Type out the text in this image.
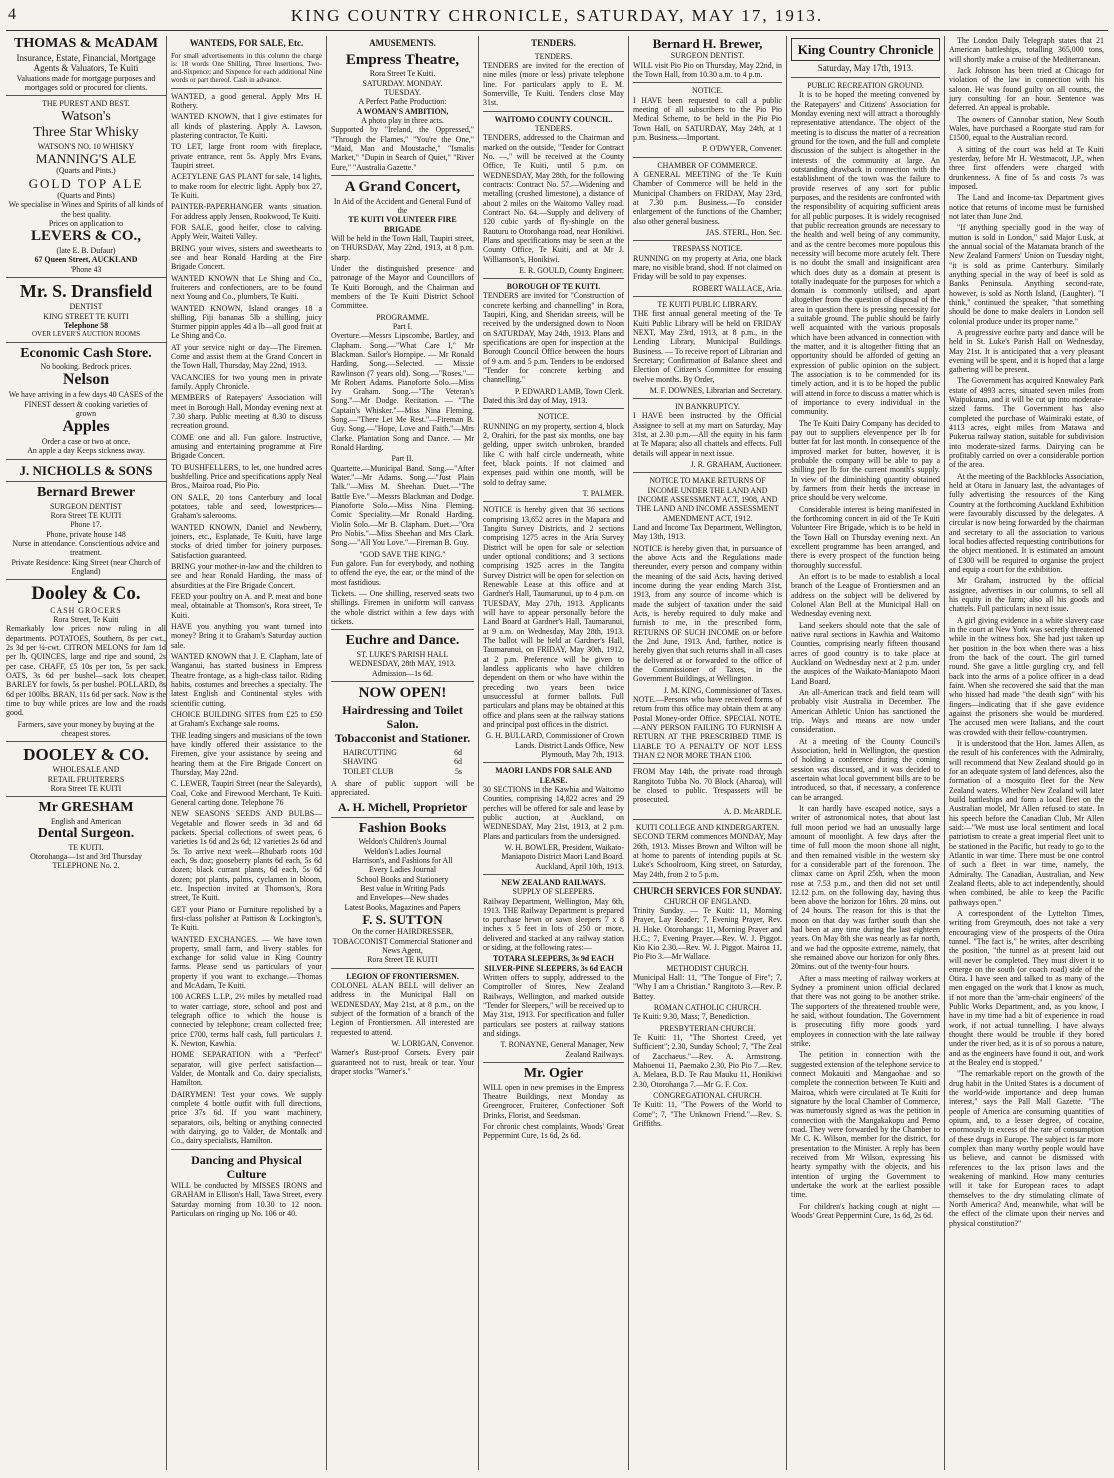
4	KING COUNTRY CHRONICLE, SATURDAY, MAY 17, 1913.
THOMAS & McADAM
Insurance, Estate, Financial, Mortgage Agents & Valuators, Te Kuiti
Valuations made for mortgage purposes and mortgages sold or procured for clients.
THE PUREST AND BEST.
Watson's
Three Star Whisky
WATSON'S NO. 10 WHISKY
MANNING'S ALE
(Quarts and Pints.)
GOLD TOP ALE
(Quarts and Pints)
We specialise in Wines and Spirits of all kinds of the best quality.
Prices on application to
LEVERS & CO.,
(late E. B. Dufaur)
67 Queen Street, AUCKLAND
'Phone 43
Mr. S. Dransfield
DENTIST
KING STREET TE KUITI
Telephone 58
OVER LEVER'S AUCTION ROOMS
Economic Cash Store.
No booking. Bedrock prices.
Nelson
We have arriving in a few days 40 CASES of the FINEST dessert & cooking varieties of
grown
Apples
Order a case or two at once.
An apple a day Keeps sickness away.
J. NICHOLLS & SONS
Bernard Brewer
SURGEON DENTIST
Rora Street TE KUITI
Phone 17.
Phone, private house 148
Nurse in attendance. Conscientious advice and treatment.
Private Residence: King Street (near Church of England)
Dooley & Co.
CASH GROCERS
Rora Street, Te Kuiti
Remarkably low prices now ruling in all departments. POTATOES, Southern, 8s per cwt., 2s 3d per ¼-cwt. CITRON MELONS for Jam 1d per lb. QUINCES, large and ripe and sound, 2s per case. CHAFF, £5 10s per ton, 5s per sack. OATS, 3s 6d per bushel—sack lots cheaper. BARLEY for fowls, 5s per bushel. POLLARD, 8s 6d per 100lbs. BRAN, 11s 6d per sack. Now is the time to buy while prices are low and the roads good.
Farmers, save your money by buying at the cheapest stores.
DOOLEY & CO.
WHOLESALE AND
RETAIL FRUITERERS
Rora Street TE KUITI
Mr GRESHAM
English and American
Dental Surgeon.
TE KUITI.
Otorohanga—1st and 3rd Thursday
TELEPHONE No. 2.
WANTEDS, FOR SALE, Etc.
For small advertisements in this column the charge is: 18 words One Shilling, Three Insertions, Two-and-Sixpence; and Sixpence for each additional Nine words or part thereof. Cash in advance.
WANTED, a good general. Apply Mrs H. Rothery.
WANTED KNOWN, that I give estimates for all kinds of plastering. Apply A. Lawson, plastering contractor, Te Kuiti.
TO LET, large front room with fireplace, private entrance, rent 5s. Apply Mrs Evans, Taupiri street.
ACETYLENE GAS PLANT for sale, 14 lights, to make room for electric light. Apply box 27, Te Kuiti.
PAINTER-PAPERHANGER wants situation. For address apply Jensen, Rookwood, Te Kuiti.
FOR SALE, good heifer, close to calving. Apply Weir, Waitetì Valley.
BRING your wives, sisters and sweethearts to see and hear Ronald Harding at the Fire Brigade Concert.
WANTED KNOWN that Le Shing and Co., fruiterers and confectioners, are to be found next Young and Co., plumbers, Te Kuiti.
WANTED KNOWN, Island oranges 18 a shilling, Fiji bananas 5lb a shilling, juicy Sturmer pippin apples 4d a lb—all good fruit at Le Shing and Co.
AT your service night or day—The Firemen. Come and assist them at the Grand Concert in the Town Hall, Thursday, May 22nd, 1913.
VACANCIES for two young men in private family. Apply Chronicle.
MEMBERS of Ratepayers' Association will meet in Borough Hall, Monday evening next at 7.30 sharp. Public meeting at 8.30 to discuss recreation ground.
COME one and all. Fun galore. Instructive, amusing and entertaining programme at Fire Brigade Concert.
TO BUSHFELLERS, to let, one hundred acres bushfelling. Price and specifications apply Neal Bros., Mairoa road, Pio Pio.
ON SALE, 20 tons Canterbury and local potatoes, table and seed, lowestprices—Graham's salerooms.
WANTED KNOWN, Daniel and Newberry, joiners, etc., Esplanade, Te Kuiti, have large stocks of dried timber for joinery purposes. Satisfaction guaranteed.
BRING your mother-in-law and the children to see and hear Ronald Harding, the mass of absurdities at the Fire Brigade Concert.
FEED your poultry on A. and P. meat and bone meal, obtainable at Thomson's, Rora street, Te Kuiti.
HAVE you anything you want turned into money? Bring it to Graham's Saturday auction sale.
WANTED KNOWN that J. E. Clapham, late of Wanganui, has started business in Empress Theatre frontage, as a high-class tailor. Riding habits, costumes and breeches a specialty. The latest English and Continental styles with scientific cutting.
CHOICE BUILDING SITES from £25 to £50 at Graham's Exchange sale rooms.
THE leading singers and musicians of the town have kindly offered their assistance to the Firemen, give your assistance by seeing and hearing them at the Fire Brigade Concert on Thursday, May 22nd.
C. LEWER, Taupiri Street (near the Saleyards), Coal, Coke and Firewood Merchant, Te Kuiti. General carting done. Telephone 76
NEW SEASONS SEEDS AND BULBS—Vegetable and flower seeds in 3d and 6d packets. Special collections of sweet peas, 6 varieties 1s 6d and 2s 6d; 12 varieties 2s 6d and 5s. To arrive next week—Rhubarb roots 10d each, 9s doz; gooseberry plants 6d each, 5s 6d dozen; black currant plants, 6d each, 5s 6d dozen; pot plants, palms, cyclamen in bloom, etc. Inspection invited at Thomson's, Rora street, Te Kuiti.
GET your Piano or Furniture repolished by a first-class polisher at Pattison & Lockington's, Te Kuiti.
WANTED EXCHANGES. — We have town property, small farm, and livery stables for exchange for solid value in King Country farms. Please send us particulars of your property if you want to exchange.—Thomas and McAdam, Te Kuiti.
100 ACRES L.LP., 2½ miles by metalled road to water carriage, store, school and post and telegraph office to which the house is connected by telephone; cream collected free; price £700, terms half cash, full particulars J. K. Newton, Kawhia.
HOME SEPARATION with a "Perfect" separator, will give perfect satisfaction—Valder, de Montalk and Co. dairy specialists, Hamilton.
DAIRYMEN! Test your cows. We supply complete 4 bottle outfit with full directions, price 37s 6d. If you want machinery, separators, oils, belting or anything connected with dairying, go to Valder, de Montalk and Co., dairy specialists, Hamilton.
Dancing and Physical Culture
WILL be conducted by MISSES IRONS and GRAHAM in Ellison's Hall, Tawa Street, every Saturday morning from 10.30 to 12 noon. Particulars on ringing up No. 106 or 40.
AMUSEMENTS.
Empress Theatre,
Rora Street Te Kuiti.
SATURDAY. MONDAY.
TUESDAY.
A Perfect Pathe Production:
A WOMAN'S AMBITION,
A photo play in three acts.
Supported by "Ireland, the Oppressed," "Through the Flames," "You're the One," "Maid, Man and Moustache," "Ismalis Market," "Dupin in Search of Quiet," "River Eure," "Australia Gazette."
A Grand Concert,
In Aid of the Accident and General Fund of the
TE KUITI VOLUNTEER FIRE BRIGADE
Will be held in the Town Hall, Taupiri street, on THURSDAY, May 22nd, 1913, at 8 p.m. sharp.
Under the distinguished presence and patronage of the Mayor and Councillors of Te Kuiti Borough, and the Chairman and members of the Te Kuiti District School Committee.
PROGRAMME.
Part I.
Overture.—Messrs Lipscombe, Bartley, and Clapham. Song.—"What Care I," Mr Blackman. Sailor's Hornpipe. — Mr Ronald Harding. Song.—Selected. — Missie Rawlinson (7 years old). Song.—"Roses."—Mr Robert Adams. Pianoforte Solo.—Miss Ivy Graham. Song.—"The Veteran's Song."—Mr Dodge. Recitation. — "The Captain's Whisker."—Miss Nina Fleming. Song.—"There Let Me Rest."—Fireman B. Guy. Song.—"Hope, Love and Faith."—Mrs Clarke. Plantation Song and Dance. — Mr Ronald Harding.
Part II.
Quartette.—Municipal Band. Song.—"After Water."—Mr Adams. Song.—"Just Plain Talk."—Miss M. Sheehan. Duet.—"The Battle Eve."—Messrs Blackman and Dodge. Pianoforte Solo.—Miss Nina Fleming. Comic Speciality.—Mr Ronald Harding. Violin Solo.—Mr B. Clapham. Duet.—"Ora Pro Nobis."—Miss Sheehan and Mrs Clark. Song.—"All You Love."—Fireman B. Guy.
"GOD SAVE THE KING."
Fun galore. Fun for everybody, and nothing to offend the eye, the ear, or the mind of the most fastidious.
Tickets. — One shilling, reserved seats two shillings. Firemen in uniform will canvass the whole district within a few days with tickets.
Euchre and Dance.
ST. LUKE'S PARISH HALL
WEDNESDAY, 28th MAY, 1913.
Admission—1s 6d.
NOW OPEN!
Hairdressing and Toilet Salon.
Tobacconist and Stationer.
HAIRCUTTING	6d
SHAVING	6d
TOILET CLUB	5s
A share of public support will be appreciated.
A. H. Michell, Proprietor
Fashion Books
Weldon's Children's Journal
Weldon's Ladies Journal
Harrison's, and Fashions for All
Every Ladies Journal
School Books and Stationery
Best value in Writing Pads
and Envelopes—New shades
Latest Books, Magazines and Papers
F. S. SUTTON
On the corner HAIRDRESSER, TOBACCONIST Commercial Stationer and News Agent,
Rora Street TE KUITI
LEGION OF FRONTIERSMEN.
COLONEL ALAN BELL will deliver an address in the Municipal Hall on WEDNESDAY, May 21st, at 8 p.m., on the subject of the formation of a branch of the Legion of Frontiersmen. All interested are requested to attend.
W. LORIGAN, Convenor.
Warner's Rust-proof Corsets. Every pair guaranteed not to rust, break or tear. Your draper stocks "Warner's."
TENDERS.
TENDERS.
TENDERS are invited for the erection of nine miles (more or less) private telephone line. For particulars apply to E. M. Somerville, Te Kuiti. Tenders close May 31st.
WAITOMO COUNTY COUNCIL.
TENDERS.
TENDERS, addressed to the Chairman and marked on the outside, "Tender for Contract No. —," will be received at the County Office, Te Kuiti, until 5 p.m. on WEDNESDAY, May 28th, for the following contracts: Contract No. 57.—Widening and metalling (crushed limestone), a distance of about 2 miles on the Waitomo Valley road. Contract No. 64.—Supply and delivery of 120 cubic yards of fly-shingle on the Rauturu to Otorohanga road, near Honikiwi. Plans and specifications may be seen at the County Office, Te Kuiti, and at Mr J. Williamson's, Honikiwi.
E. R. GOULD, County Engineer.
BOROUGH OF TE KUITI.
TENDERS are invited for "Construction of concrete kerbing and channelling" in Rora, Taupiri, King, and Sheridan streets, will be received by the undersigned down to Noon on SATURDAY, May 24th, 1913. Plans and specifications are open for inspection at the Borough Council Office between the hours of 9 a.m. and 5 p.m. Tenders to be endorsed "Tender for concrete kerbing and channelling."
P. EDWARD LAMB, Town Clerk.
Dated this 3rd day of May, 1913.
NOTICE.
RUNNING on my property, section 4, block 2, Orahiri, for the past six months, one bay gelding, upper switch unbroken, branded like C with half circle underneath, white feet, black points. If not claimed and expenses paid within one month, will be sold to defray same.
T. PALMER.
NOTICE is hereby given that 36 sections comprising 13,652 acres in the Mapara and Tangitu Survey Districts, and 2 sections comprising 1275 acres in the Aria Survey District will be open for sale or selection under optional conditions; and 3 sections comprising 1925 acres in the Tangitu Survey District will be open for selection on Renewable Lease at this office and at Gardner's Hall, Taumarunui, up to 4 p.m. on TUESDAY, May 27th, 1913. Applicants will have to appear personally before the Land Board at Gardner's Hall, Taumarunui, at 9 a.m. on Wednesday, May 28th, 1913. The ballot will be held at Gardner's Hall, Taumarunui, on FRIDAY, May 30th, 1912, at 2 p.m. Preference will be given to landless applicants who have children dependent on them or who have within the preceding two years been twice unsuccessful at former ballots. Full particulars and plans may be obtained at this office and plans seen at the railway stations and principal post offices in the district.
G. H. BULLARD, Commissioner of Crown Lands. District Lands Office, New Plymouth, May 7th, 1913.
MAORI LANDS FOR SALE AND LEASE.
30 SECTIONS in the Kawhia and Waitomo Counties, comprising 14,822 acres and 29 perches will be offered for sale and lease by public auction, at Auckland, on WEDNESDAY, May 21st, 1913, at 2 p.m. Plans and particulars from the undersigned.
W. H. BOWLER, President, Waikato-Maniapoto District Maori Land Board. Auckland, April 10th, 1913.
NEW ZEALAND RAILWAYS.
SUPPLY OF SLEEPERS.
Railway Department, Wellington, May 6th, 1913. THE Railway Department is prepared to purchase hewn or sawn sleepers 7 x 8 inches x 5 feet in lots of 250 or more, delivered and stacked at any railway station or siding, at the following rates:—
TOTARA SLEEPERS, 3s 9d EACH SILVER-PINE SLEEPERS, 3s 6d EACH
Written offers to supply, addressed to the Comptroller of Stores, New Zealand Railways, Wellington, and marked outside "Tender for Sleepers," will be received up to May 31st, 1913. For specification and fuller particulars see posters at railway stations and sidings.
T. RONAYNE, General Manager, New Zealand Railways.
Mr. Ogier
WILL open in new premises in the Empress Theatre Buildings, next Monday as Greengrocer, Fruiterer, Confectioner Soft Drinks, Florist, and Seedsman.
For chronic chest complaints, Woods' Great Peppermint Cure, 1s 6d, 2s 6d.
Bernard H. Brewer,
SURGEON DENTIST.
WILL visit Pio Pio on Thursday, May 22nd, in the Town Hall, from 10.30 a.m. to 4 p.m.
NOTICE.
I HAVE been requested to call a public meeting of all subscribers to the Pio Pio Medical Scheme, to be held in the Pio Pio Town Hall, on SATURDAY, May 24th, at 1 p.m. Business.—Important.
P. O'DWYER, Convener.
CHAMBER OF COMMERCE.
A GENERAL MEETING of the Te Kuiti Chamber of Commerce will be held in the Municipal Chambers on FRIDAY, May 23rd, at 7.30 p.m. Business.—To consider enlargement of the functions of the Chamber; also other general business.
JAS. STERL, Hon. Sec.
TRESPASS NOTICE.
RUNNING on my property at Aria, one black mare, no visible brand, shod. If not claimed on Friday will be sold to pay expenses.
ROBERT WALLACE, Aria.
TE KUITI PUBLIC LIBRARY.
THE first annual general meeting of the Te Kuiti Public Library will be held on FRIDAY NEXT, May 23rd, 1913, at 8 p.m., in the Lending Library, Municipal Buildings. Business. — To receive report of Librarian and Secretary; Confirmation of Balance sheet and Election of Citizen's Committee for ensuing twelve months. By Order,
M. F. DOWNES, Librarian and Secretary.
IN BANKRUPTCY.
I HAVE been instructed by the Official Assignee to sell at my mart on Saturday, May 31st, at 2.30 p.m.—All the equity in his farm at Te Mapara; also all chattels and effects. Full details will appear in next issue.
J. R. GRAHAM, Auctioneer.
NOTICE TO MAKE RETURNS OF INCOME UNDER THE LAND AND INCOME ASSESSMENT ACT, 1908, AND THE LAND AND INCOME ASSESSMENT AMENDMENT ACT, 1912.
Land and Income Tax Department, Wellington, May 13th, 1913.
NOTICE is hereby given that, in pursuance of the above Acts and the Regulations made thereunder, every person and company within the meaning of the said Acts, having derived income during the year ending March 31st, 1913, from any source of income which is made the subject of taxation under the said Acts, is hereby required to duly make and furnish to me, in the prescribed form, RETURNS OF SUCH INCOME on or before the 2nd June, 1913. And, further, notice is hereby given that such returns shall in all cases be delivered at or forwarded to the office of the Commissioner of Taxes, in the Government Buildings, at Wellington.
J. M. KING, Commissioner of Taxes.
NOTE.—Persons who have received forms of return from this office may obtain them at any Postal Money-order Office. SPECIAL NOTE.—ANY PERSON FAILING TO FURNISH A RETURN AT THE PRESCRIBED TIME IS LIABLE TO A PENALTY OF NOT LESS THAN £2 NOR MORE THAN £100.
FROM May 14th, the private road through Rangitoto Tubba No. 70 Block (Aharoa), will be closed to public. Trespassers will be prosecuted.
A. D. McARDLE.
KUITI COLLEGE AND KINDERGARTEN.
SECOND TERM commences MONDAY, May 26th, 1913. Misses Brown and Wilton will be at home to parents of intending pupils at St. Luke's Schoolroom, King street, on Saturday, May 24th, from 2 to 5 p.m.
CHURCH SERVICES FOR SUNDAY.
CHURCH OF ENGLAND.
Trinity Sunday. — Te Kuiti: 11, Morning Prayer, Lay Reader; 7, Evening Prayer, Rev. H. Hoke. Otorohanga: 11, Morning Prayer and H.C.; 7, Evening Prayer.—Rev. W. J. Piggot. Kio Kio 2.30.—Rev. W. J. Piggot. Mairoa 11, Pio Pio 3.—Mr Wallace.
METHODIST CHURCH.
Municipal Hall: 11, "The Tongue of Fire"; 7, "Why I am a Christian." Rangitoto 3.—Rev. P. Battey.
ROMAN CATHOLIC CHURCH.
Te Kuiti: 9.30, Mass; 7, Benediction.
PRESBYTERIAN CHURCH.
Te Kuiti: 11, "The Shortest Creed, yet Sufficient"; 2.30, Sunday School; 7, "The Zeal of Zacchaeus."—Rev. A. Armstrong. Mahoenui 11, Paemako 2.30, Pio Pio 7.—Rev. A. Melaea, B.D. Te Rau Mauku 11, Honikiwi 2.30, Otorohanga 7.—Mr G. F. Cox.
CONGREGATIONAL CHURCH.
Te Kuiti: 11, "The Powers of the World to Come"; 7, "The Unknown Friend."—Rev. S. Griffiths.
King Country Chronicle
Saturday, May 17th, 1913.
PUBLIC RECREATION GROUND.
It is to be hoped the meeting convened by the Ratepayers' and Citizens' Association for Monday evening next will attract a thoroughly representative attendance. The object of the meeting is to discuss the matter of a recreation ground for the town, and the full and complete discussion of the subject is altogether in the interests of the community at large. An outstanding drawback in connection with the establishment of the town was the failure to provide reserves of any sort for public purposes, and the residents are confronted with the responsibility of acquiring sufficient areas for all public purposes. It is widely recognised that public recreation grounds are necessary to the health and well being of any community, and as the centre becomes more populous this necessity will become more acutely felt. There is no doubt the small and insignificant area which does duty as a domain at present is totally inadequate for the purposes for which a domain is commonly utilised, and apart altogether from the question of disposal of the area in question there is pressing necessity for a suitable ground. The public should be fairly well acquainted with the various proposals which have been advanced in connection with the matter, and it is altogether fitting that an opportunity should be afforded of getting an expression of public opinion on the subject. The association is to be commended for its timely action, and it is to be hoped the public will attend in force to discuss a matter which is of importance to every individual in the community.
The Te Kuiti Dairy Company has decided to pay out to suppliers elevenpence per lb for butter fat for last month. In consequence of the improved market for butter, however, it is probable the company will be able to pay a shilling per lb for the current month's supply. In view of the diminishing quantity obtained by farmers from their herds the increase in price should be very welcome.
Considerable interest is being manifested in the forthcoming concert in aid of the Te Kuiti Volunteer Fire Brigade, which is to be held in the Town Hall on Thursday evening next. An excellent programme has been arranged, and there is every prospect of the function being thoroughly successful.
An effort is to be made to establish a local branch of the League of Frontiersmen and an address on the subject will be delivered by Colonel Alan Bell at the Municipal Hall on Wednesday evening next.
Land seekers should note that the sale of native rural sections in Kawhia and Waitomo Counties, comprising nearly fifteen thousand acres of good country is to take place at Auckland on Wednesday next at 2 p.m. under the auspices of the Waikato-Maniapoto Maori Land Board.
An all-American track and field team will probably visit Australia in December. The American Athletic Union has sanctioned the trip. Ways and means are now under consideration.
At a meeting of the County Council's Association, held in Wellington, the question of holding a conference during the coming session was discussed, and it was decided to ascertain what local government bills are to be introduced, so that, if necessary, a conference can be arranged.
It can hardly have escaped notice, says a writer of astronomical notes, that about last full moon period we had an unusually large amount of moonlight. A few days after the time of full moon the moon shone all night, and then remained visible in the western sky for a considerable part of the forenoon. The climax came on April 25th, when the moon rose at 7.53 p.m., and then did not set until 12.12 p.m. on the following day, having thus been above the horizon for 16hrs. 20 mins. out of 24 hours. The reason for this is that the moon on that day was farther south than she had been at any time during the last eighteen years. On May 8th she was nearly as far north, and we had the opposite extreme, namely, that she remained above our horizon for only 8hrs. 20mins. out of the twenty-four hours.
After a mass meeting of railway workers at Sydney a prominent union official declared that there was not going to be another strike. The supporters of the threatened trouble were, he said, without foundation. The Government is prosecuting fifty more goods yard employees in connection with the late railway strike.
The petition in connection with the suggested extension of the telephone service to connect Mokauiti and Mangaohae and so complete the connection between Te Kuiti and Mairoa, which were circulated at Te Kuiti for signature by the local Chamber of Commerce, was numerously signed as was the petition in connection with the Mangakakopu and Pemo road. They were forwarded by the Chamber to Mr C. K. Wilson, member for the district, for presentation to the Minister. A reply has been received from Mr Wilson, expressing his hearty sympathy with the objects, and his intention of urging the Government to undertake the work at the earliest possible time.
For children's hacking cough at night — Woods' Great Peppermint Cure, 1s 6d, 2s 6d.
The London Daily Telegraph states that 21 American battleships, totalling 365,000 tons, will shortly make a cruise of the Mediterranean.
Jack Johnson has been tried at Chicago for violation of the law in connection with his saloon. He was found guilty on all counts, the jury consulting for an hour. Sentence was deferred. An appeal is probable.
The owners of Cannobar station, New South Wales, have purchased a Roorgate stud ram for £1500, equal to the Australian record.
A sitting of the court was held at Te Kuiti yesterday, before Mr H. Westmacott, J.P., when three first offenders were charged with drunkenness. A fine of 5s and costs 7s was imposed.
The Land and Income-tax Department gives notice that returns of income must be furnished not later than June 2nd.
"If anything specially good in the way of mutton is sold in London," said Major Lusk, at the annual social of the Matamata branch of the New Zealand Farmers' Union on Tuesday night, "it is sold as prime Canterbury. Similarly anything special in the way of beef is sold as Banks Peninsula. Anything second-rate, however, is sold as North Island, (Laughter). "I think," continued the speaker, "that something should be done to make dealers in London sell colonial produce under its proper name."
A progressive euchre party and dance will be held in St. Luke's Parish Hall on Wednesday, May 21st. It is anticipated that a very pleasant evening will be spent, and it is hoped that a large gathering will be present.
The Government has acquired Knowaley Park estate of 4993 acres, situated seven miles from Waipukurau, and it will be cut up into moderate-sized farms. The Government has also completed the purchase of Waimiraki estate, of 4113 acres, eight miles from Matawa and Pukerua railway station, suitable for subdivision into moderate-sized farms. Dairying can be profitably carried on over a considerable portion of the area.
At the meeting of the Backblocks Association, held at Otaru in January last, the advantages of fully advertising the resources of the King Country at the forthcoming Auckland Exhibition were favourably discussed by the delegates. A circular is now being forwarded by the chairman and secretary to all the association to various local bodies affected requesting contributions for the object mentioned. It is estimated an amount of £300 will be required to organise the project and equip a court for the exhibition.
Mr Graham, instructed by the official assignee, advertises in our columns, to sell all his equity in the farm; also all his goods and chattels. Full particulars in next issue.
A girl giving evidence in a white slavery case in the court at New York was secretly threatened while in the witness box. She had just taken up her position in the box when there was a hiss from the back of the court. The girl turned round. She gave a little gurgling cry, and fell back into the arms of a police officer in a dead faint. When she recovered she said that the man who hissed had made "the death sign" with his fingers—indicating that if she gave evidence against the prisoners she would be murdered. The accused men were Italians, and the court was crowded with their fellow-countrymen.
It is understood that the Hon. James Allen, as the result of his conferences with the Admiralty, will recommend that New Zealand should go in for an adequate system of land defences, also the formation of a mosquito fleet for the New Zealand waters. Whether New Zealand will later build battleships and form a local fleet on the Australian model, Mr Allen refused to state. In his speech before the Canadian Club, Mr Allen said:—"We must use local sentiment and local patriotism to create a great imperial fleet unit to be stationed in the Pacific, but ready to go to the Atlantic in war time. There must be one control of such a fleet in war time, namely, the Admiralty. The Canadian, Australian, and New Zealand fleets, able to act independently, should when combined, be able to keep the Pacific pathways open."
A correspondent of the Lyttelton Times, writing from Greymouth, does not take a very encouraging view of the prospects of the Otira tunnel. "The fact is," he writes, after describing the position, "the tunnel as at present laid out will never be completed. They must divert it to emerge on the south (or coach road) side of the Otira. I have seen and talked to as many of the men engaged on the work that I know as much, if not more than the 'arm-chair engineers' of the Public Works Department, and, as you know, I have in my time had a bit of experience in road work, if not actual tunnelling. I have always thought there would be trouble if they bored under the river bed, as it is of so porous a nature, and as the engineers have found it out, and work at the Bealey end is stopped."
"The remarkable report on the growth of the drug habit in the United States is a document of the world-wide importance and deep human interest," says the Pall Mall Gazette. "The people of America are consuming quantities of opium, and, to a lesser degree, of cocaine, enormously in excess of the rate of consumption of these drugs in Europe. The subject is far more complex than many worthy people would have us believe, and cannot be dismissed with references to the lax prison laws and the weakening of mankind. How many centuries will it take for European races to adapt themselves to the dry stimulating climate of North America? And, meanwhile, what will be the effect of the climate upon their nerves and physical constitution?"
